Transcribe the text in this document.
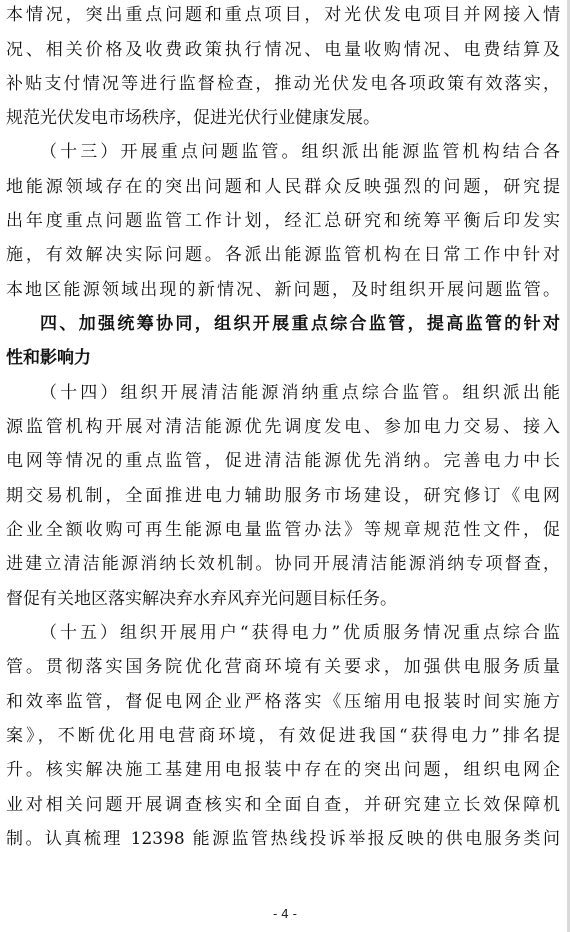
本情况，突出重点问题和重点项目，对光伏发电项目并网接入情
况、相关价格及收费政策执行情况、电量收购情况、电费结算及
补贴支付情况等进行监督检查，推动光伏发电各项政策有效落实，
规范光伏发电市场秩序，促进光伏行业健康发展。
（十三）开展重点问题监管。组织派出能源监管机构结合各
地能源领域存在的突出问题和人民群众反映强烈的问题，研究提
出年度重点问题监管工作计划，经汇总研究和统筹平衡后印发实
施，有效解决实际问题。各派出能源监管机构在日常工作中针对
本地区能源领域出现的新情况、新问题，及时组织开展问题监管。
四、加强统筹协同，组织开展重点综合监管，提高监管的针对
性和影响力
（十四）组织开展清洁能源消纳重点综合监管。组织派出能
源监管机构开展对清洁能源优先调度发电、参加电力交易、接入
电网等情况的重点监管，促进清洁能源优先消纳。完善电力中长
期交易机制，全面推进电力辅助服务市场建设，研究修订《电网
企业全额收购可再生能源电量监管办法》等规章规范性文件，促
进建立清洁能源消纳长效机制。协同开展清洁能源消纳专项督查，
督促有关地区落实解决弃水弃风弃光问题目标任务。
（十五）组织开展用户“获得电力”优质服务情况重点综合监
管。贯彻落实国务院优化营商环境有关要求，加强供电服务质量
和效率监管，督促电网企业严格落实《压缩用电报装时间实施方
案》，不断优化用电营商环境，有效促进我国“获得电力”排名提
升。核实解决施工基建用电报装中存在的突出问题，组织电网企
业对相关问题开展调查核实和全面自查，并研究建立长效保障机
制。认真梳理 12398 能源监管热线投诉举报反映的供电服务类问
- 4 -
